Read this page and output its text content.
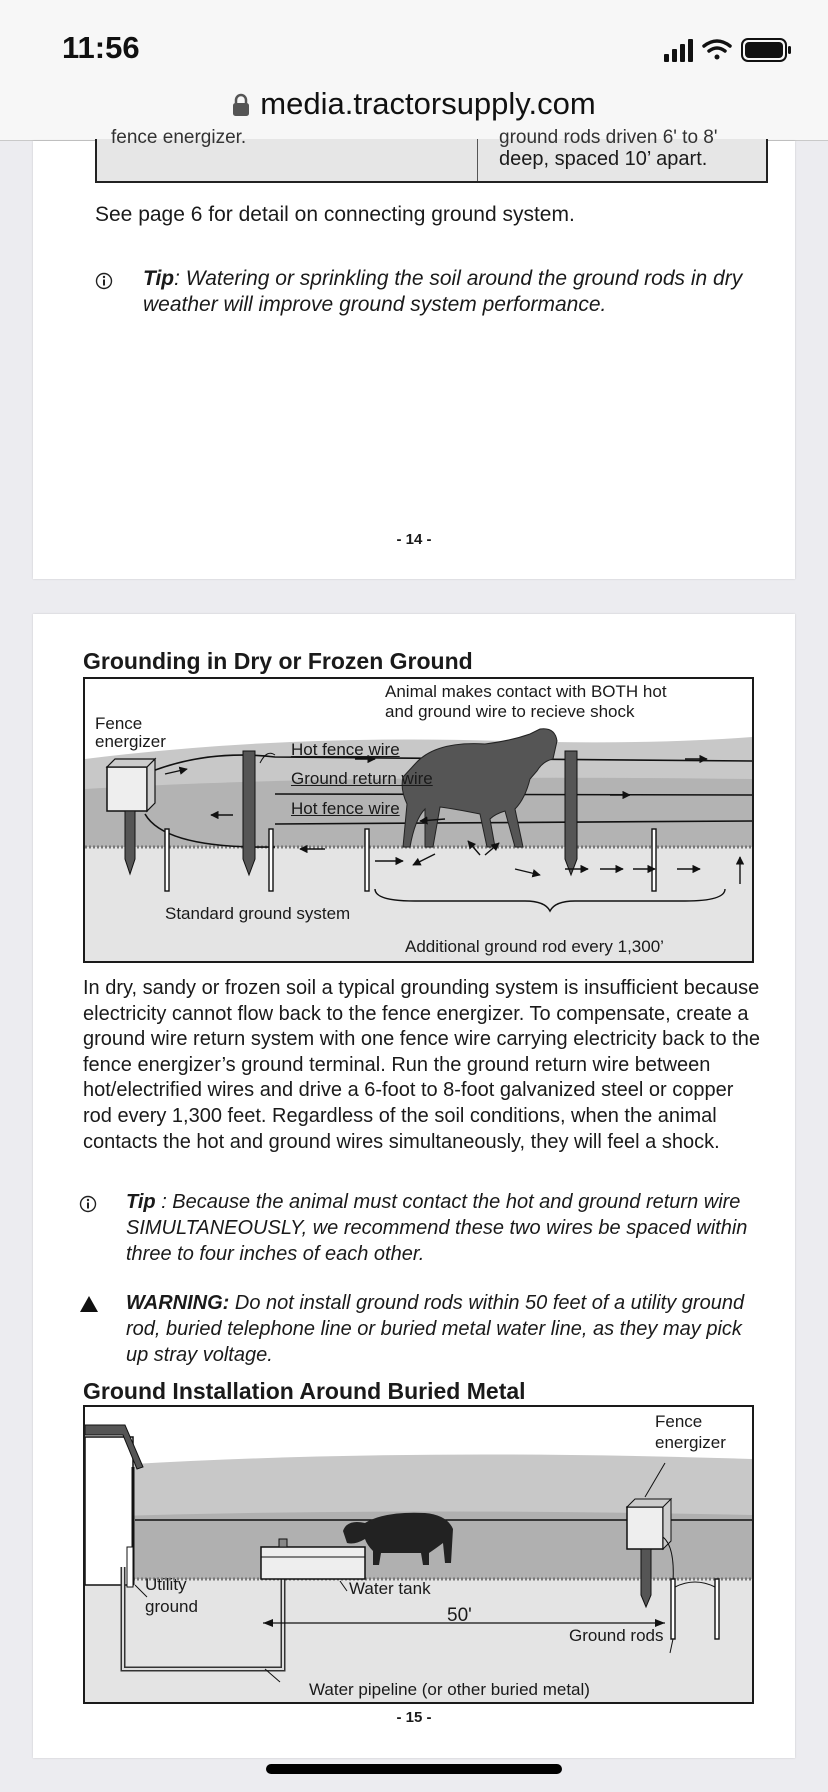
11:56
media.tractorsupply.com
fence energizer.	ground rods driven 6' to 8'
deep, spaced 10’ apart.
See page 6 for detail on connecting ground system.
Tip: Watering or sprinkling the soil around the ground rods in dry weather will improve ground system performance.
- 14 -
Grounding in Dry or Frozen Ground
Animal makes contact with BOTH hot
and ground wire to recieve shock
Fence
energizer	Hot fence wire
Ground return wire
Hot fence wire
Standard ground system
Additional ground rod every 1,300’
In dry, sandy or frozen soil a typical grounding system is insufficient because electricity cannot flow back to the fence energizer. To compensate, create a ground wire return system with one fence wire carrying electricity back to the fence energizer’s ground terminal. Run the ground return wire between hot/electrified wires and drive a 6-foot to 8-foot galvanized steel or copper rod every 1,300 feet. Regardless of the soil conditions, when the animal contacts the hot and ground wires simultaneously, they will feel a shock.
Tip : Because the animal must contact the hot and ground return wire SIMULTANEOUSLY, we recommend these two wires be spaced within three to four inches of each other.
WARNING: Do not install ground rods within 50 feet of a utility ground rod, buried telephone line or buried metal water line, as they may pick up stray voltage.
Ground Installation Around Buried Metal
Fence
energizer
Utility
ground
Water tank
50'
Ground rods
Water pipeline (or other buried metal)
- 15 -
